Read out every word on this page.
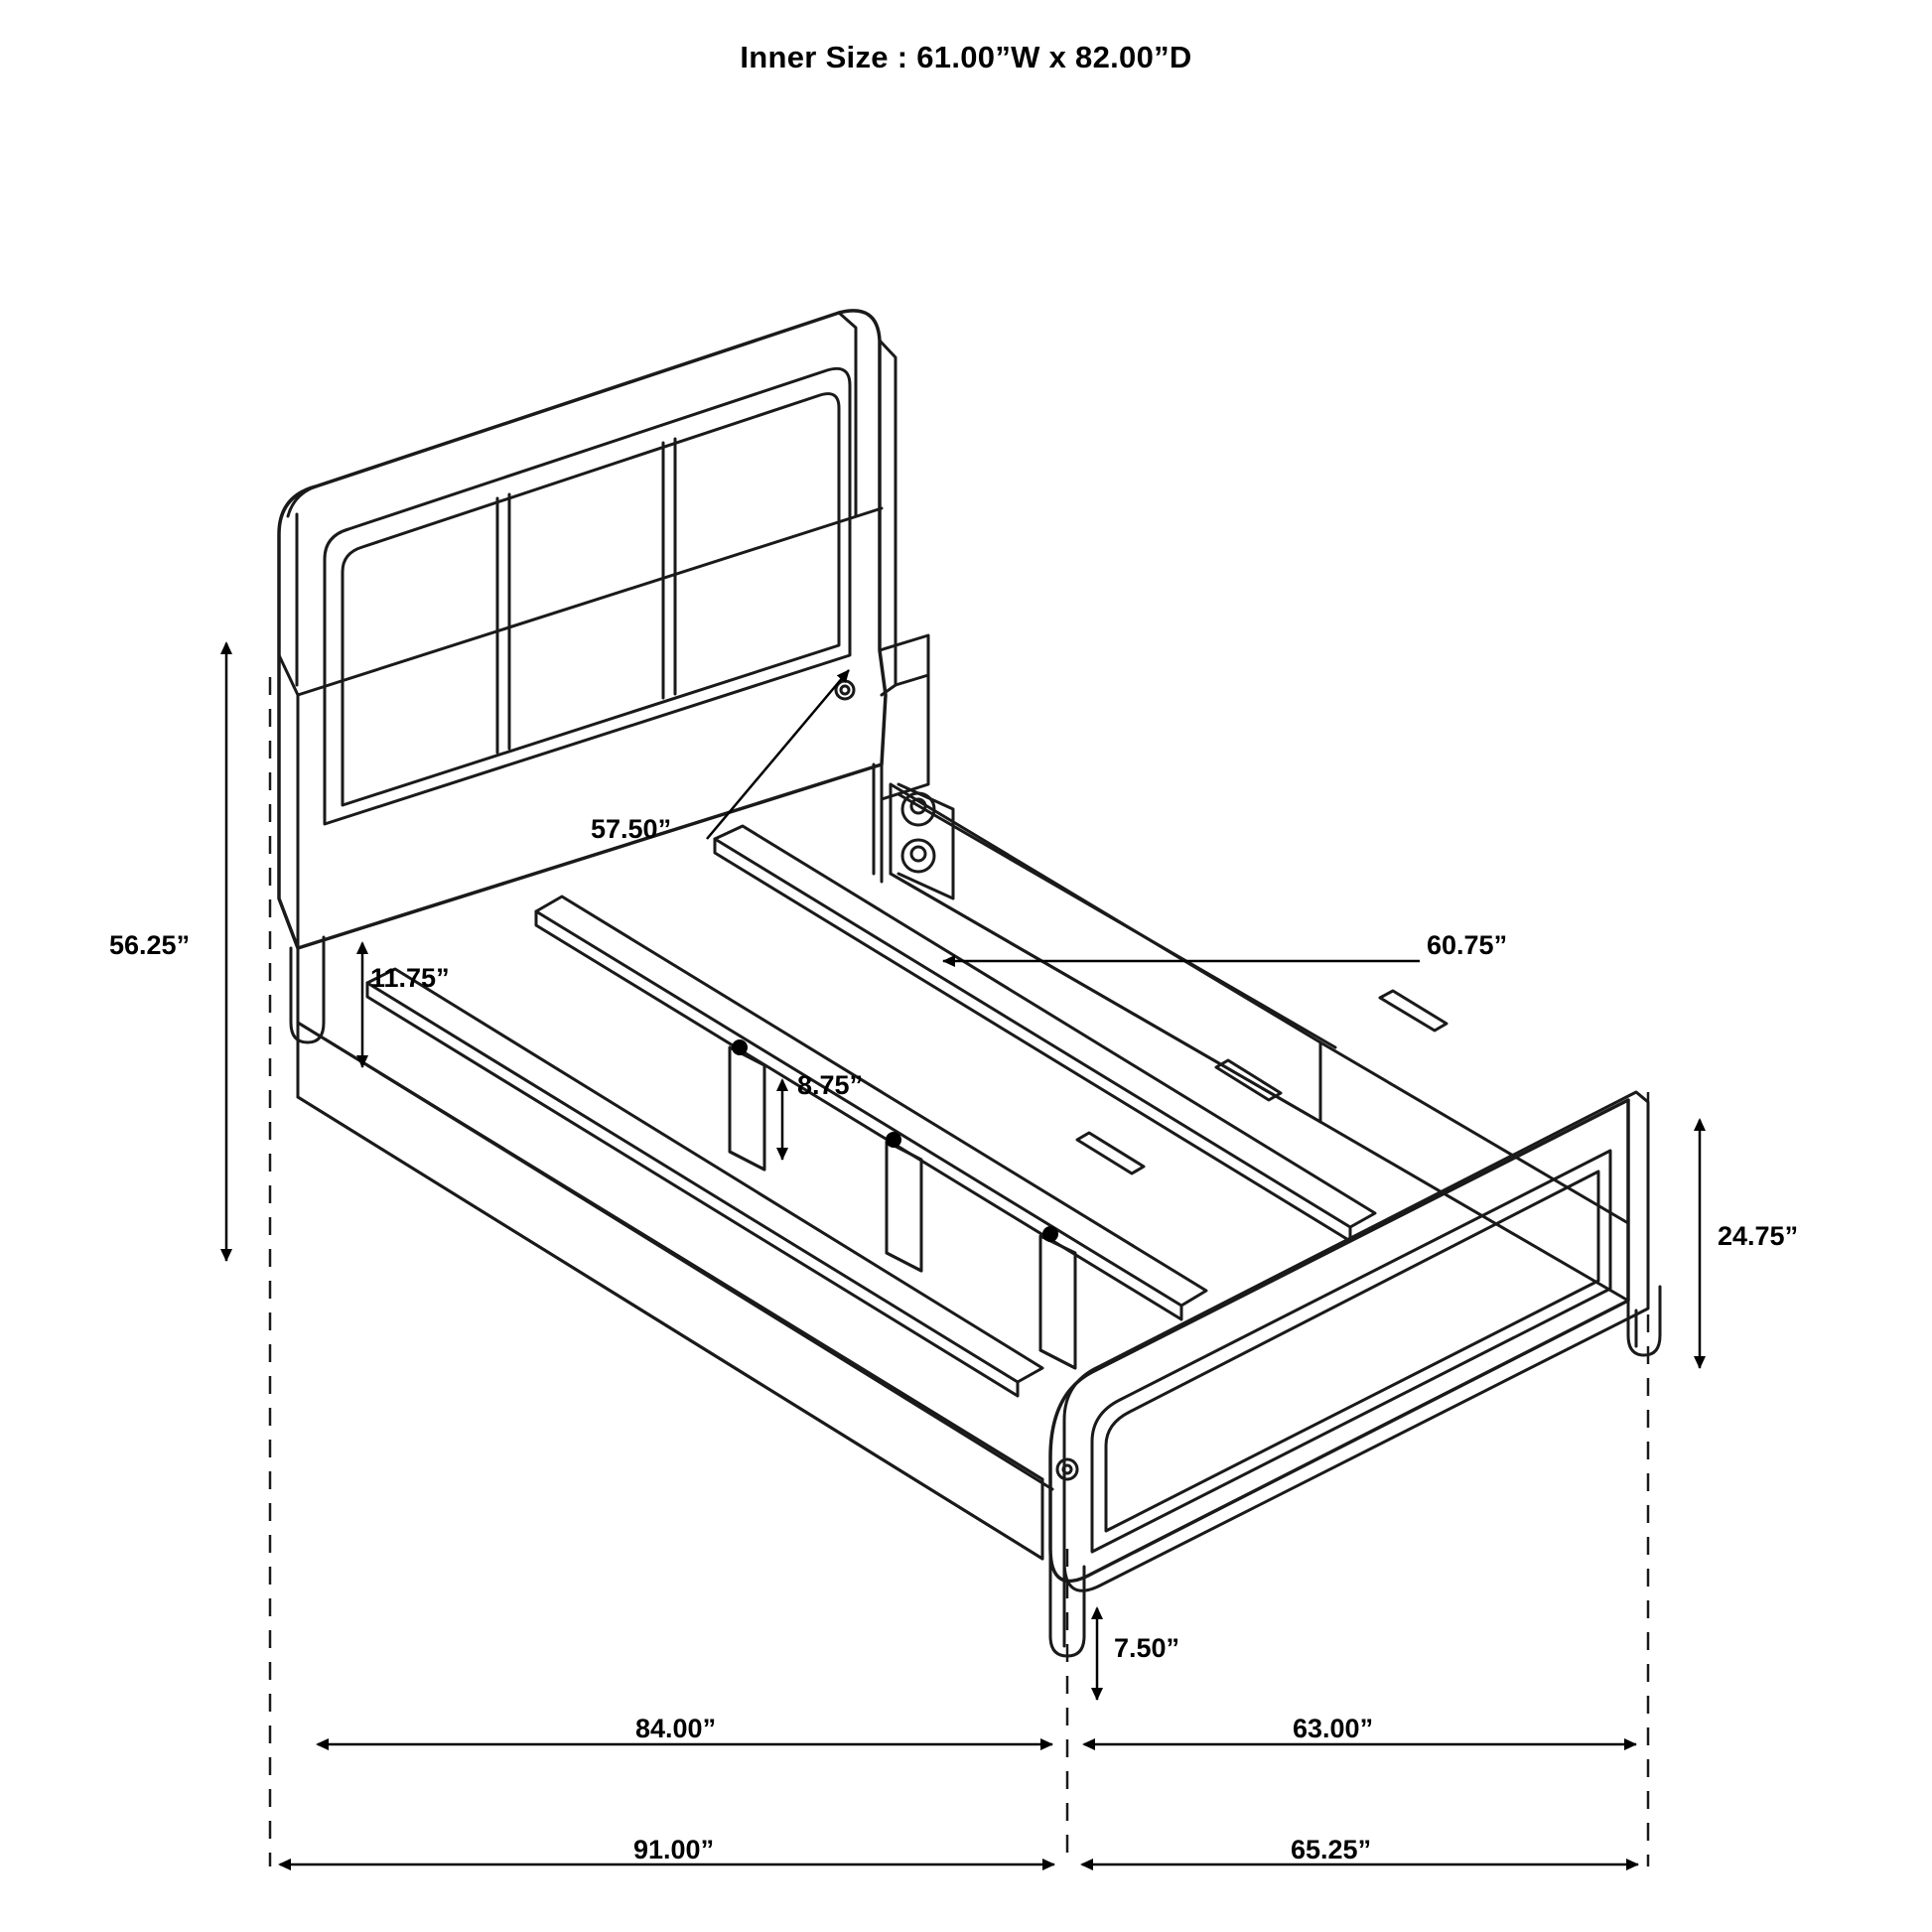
Inner Size : 61.00”W x 82.00”D
56.25”
57.50”
11.75”
60.75”
8.75”
24.75”
7.50”
84.00”	63.00”
91.00”	65.25”
